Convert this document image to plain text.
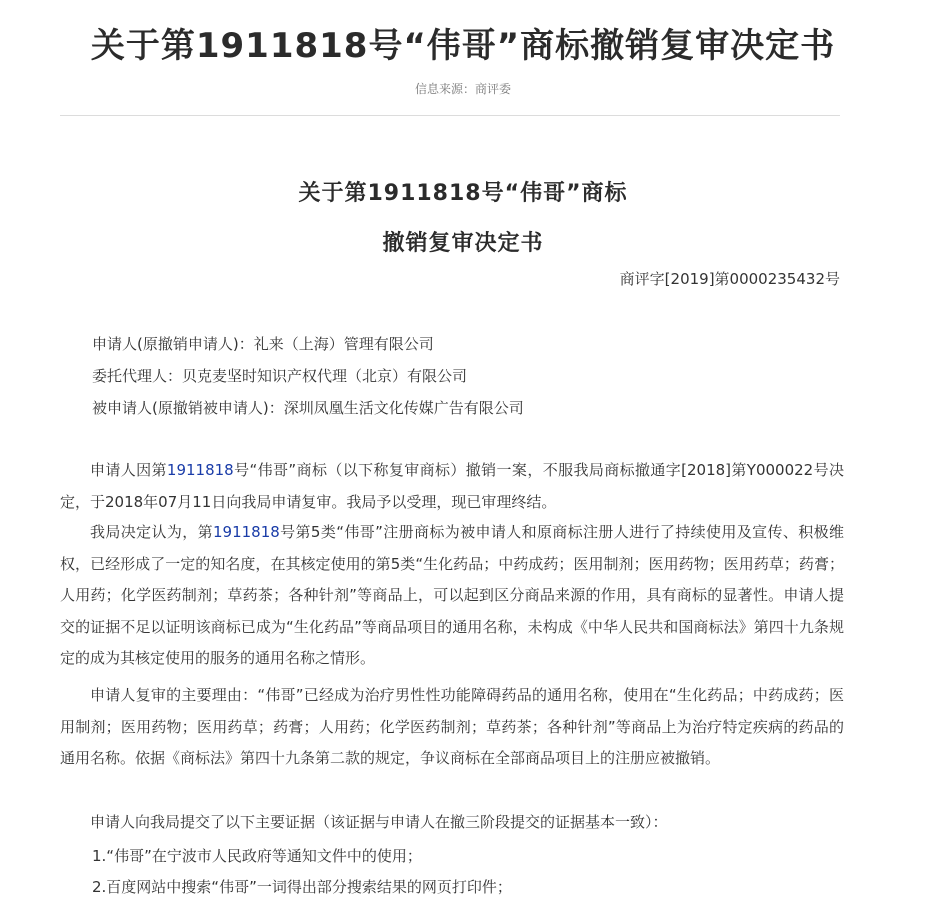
关于第1911818号“伟哥”商标撤销复审决定书
信息来源：商评委
关于第1911818号“伟哥”商标
撤销复审决定书
商评字[2019]第0000235432号
申请人(原撤销申请人)：礼来（上海）管理有限公司
委托代理人：贝克麦坚时知识产权代理（北京）有限公司
被申请人(原撤销被申请人)：深圳凤凰生活文化传媒广告有限公司

申请人因第1911818号“伟哥”商标（以下称复审商标）撤销一案，不服我局商标撤通字[2018]第Y000022号决定，于2018年07月11日向我局申请复审。我局予以受理，现已审理终结。

我局决定认为，第1911818号第5类“伟哥”注册商标为被申请人和原商标注册人进行了持续使用及宣传、积极维权，已经形成了一定的知名度，在其核定使用的第5类“生化药品；中药成药；医用制剂；医用药物；医用药草；药膏；人用药；化学医药制剂；草药茶；各种针剂”等商品上，可以起到区分商品来源的作用，具有商标的显著性。申请人提交的证据不足以证明该商标已成为“生化药品”等商品项目的通用名称，未构成《中华人民共和国商标法》第四十九条规定的成为其核定使用的服务的通用名称之情形。

申请人复审的主要理由：“伟哥”已经成为治疗男性性功能障碍药品的通用名称，使用在“生化药品；中药成药；医用制剂；医用药物；医用药草；药膏；人用药；化学医药制剂；草药茶；各种针剂”等商品上为治疗特定疾病的药品的通用名称。依据《商标法》第四十九条第二款的规定，争议商标在全部商品项目上的注册应被撤销。

申请人向我局提交了以下主要证据（该证据与申请人在撤三阶段提交的证据基本一致）：

1.“伟哥”在宁波市人民政府等通知文件中的使用；
2.百度网站中搜索“伟哥”一词得出部分搜索结果的网页打印件；
